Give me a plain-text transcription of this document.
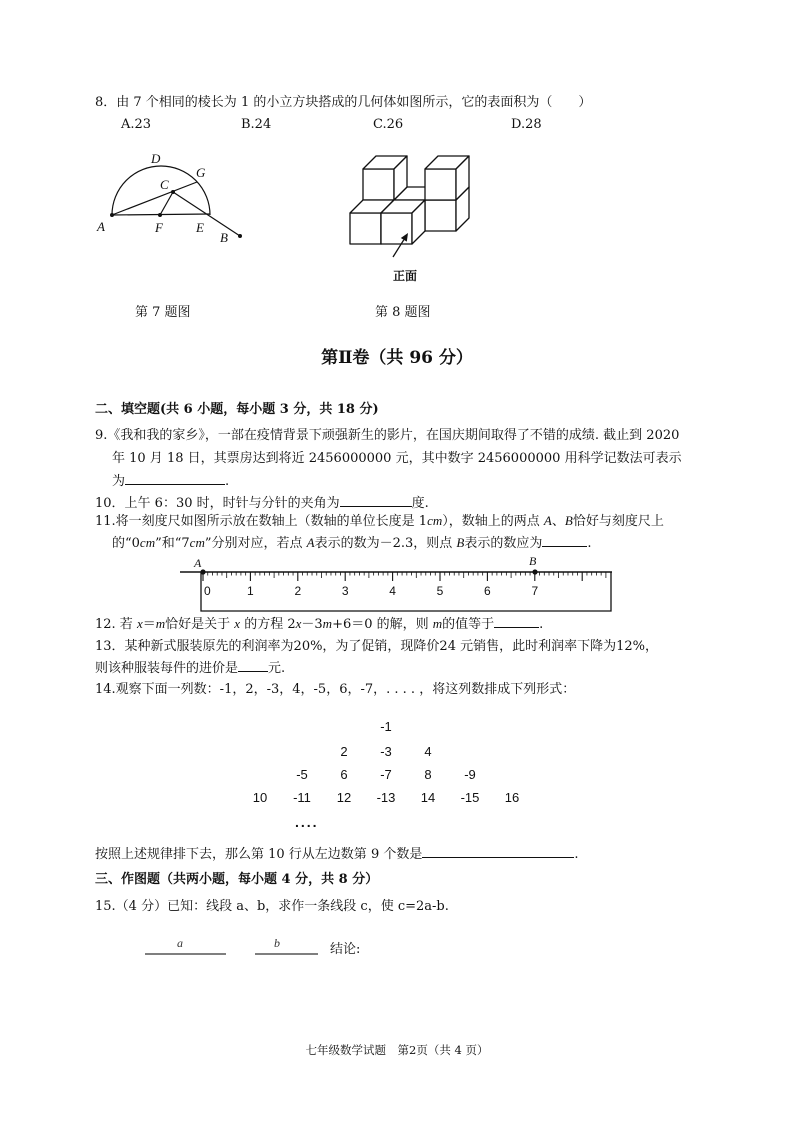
8．由 7 个相同的棱长为 1 的小立方块搭成的几何体如图所示，它的表面积为（　　）
A.23	B.24	C.26	D.28
D
G
C
A	F	E
B
正面
第 7 题图	第 8 题图
第Ⅱ卷（共 96 分）
二、填空题(共 6 小题，每小题 3 分，共 18 分)
9.《我和我的家乡》，一部在疫情背景下顽强新生的影片，在国庆期间取得了不错的成绩. 截止到 2020
年 10 月 18 日，其票房达到将近 2456000000 元，其中数字 2456000000 用科学记数法可表示
为	.
10．上午 6：30 时，时针与分针的夹角为	度.
11.将一刻度尺如图所示放在数轴上（数轴的单位长度是 1cm），数轴上的两点 A、B恰好与刻度尺上
的“0cm”和“7cm”分别对应，若点 A表示的数为－2.3，则点 B表示的数应为	.
0	1	2	3	4	5	6	7
A	B
12. 若 x＝m恰好是关于 x 的方程 2x－3m+6＝0 的解，则 m的值等于	.
13．某种新式服装原先的利润率为20%，为了促销，现降价24 元销售，此时利润率下降为12%，
则该种服装每件的进价是 元.
14.观察下面一列数：-1，2，-3，4，-5，6，-7，. . . . ，将这列数排成下列形式：
-1
2	-3	4
-5	6	-7	8	-9
10 -11 12 -13 14 -15 16
....
按照上述规律排下去，那么第 10 行从左边数第 9 个数是	.
三、作图题（共两小题，每小题 4 分，共 8 分）
15.（4 分）已知：线段 a、b，求作一条线段 c，使 c=2a-b.
a	b	结论:
七年级数学试题　第2页（共 4 页）
